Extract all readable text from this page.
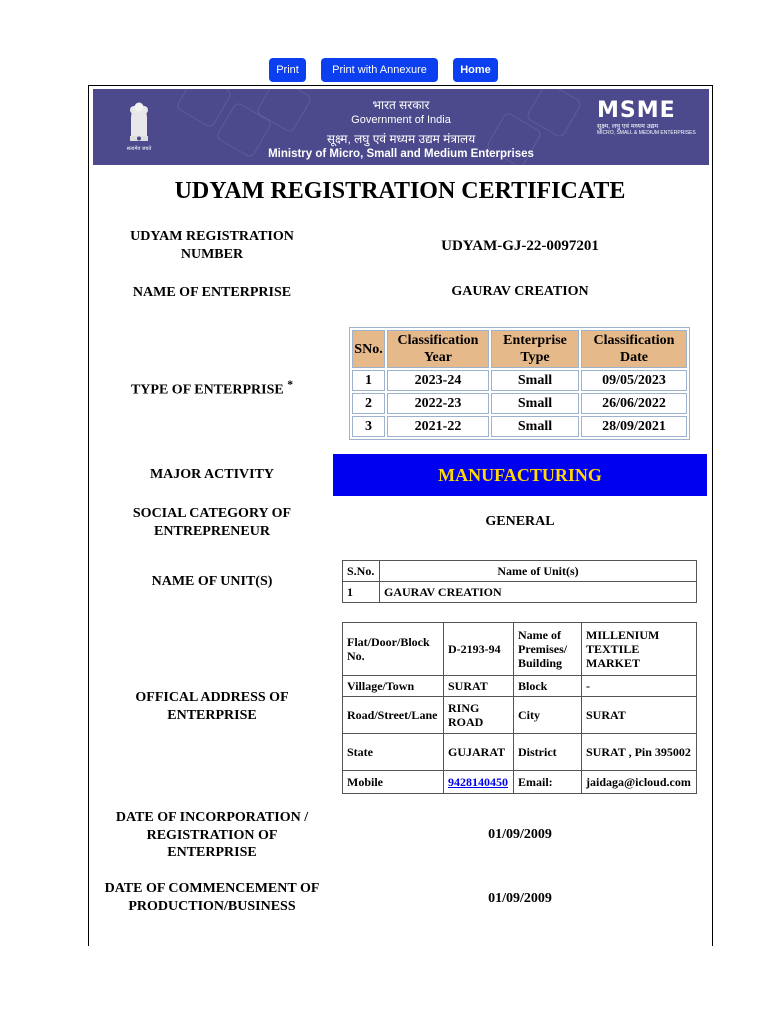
Print	Print with Annexure	Home
सत्यमेव जयते
भारत सरकार
Government of India
सूक्ष्म, लघु एवं मध्यम उद्यम मंत्रालय
Ministry of Micro, Small and Medium Enterprises
MSME
सूक्ष्म, लघु एवं मध्यम उद्यम
MICRO, SMALL & MEDIUM ENTERPRISES
UDYAM REGISTRATION CERTIFICATE
UDYAM REGISTRATION NUMBER	UDYAM-GJ-22-0097201
NAME OF ENTERPRISE	GAURAV CREATION
TYPE OF ENTERPRISE *
SNo.	Classification Year	Enterprise Type	Classification Date
1	2023-24	Small	09/05/2023
2	2022-23	Small	26/06/2022
3	2021-22	Small	28/09/2021
MAJOR ACTIVITY	MANUFACTURING
SOCIAL CATEGORY OF ENTREPRENEUR
GENERAL
NAME OF UNIT(S)
S.No.	Name of Unit(s)
1	GAURAV CREATION
OFFICAL ADDRESS OF ENTERPRISE
Flat/Door/Block No.	D-2193-94	Name of Premises/ Building	MILLENIUM TEXTILE MARKET
Village/Town	SURAT	Block	-
Road/Street/Lane	RING ROAD	City	SURAT
State	GUJARAT	District	SURAT , Pin 395002
Mobile	9428140450	Email:	jaidaga@icloud.com
DATE OF INCORPORATION / REGISTRATION OF ENTERPRISE
01/09/2009
DATE OF COMMENCEMENT OF PRODUCTION/BUSINESS	01/09/2009
